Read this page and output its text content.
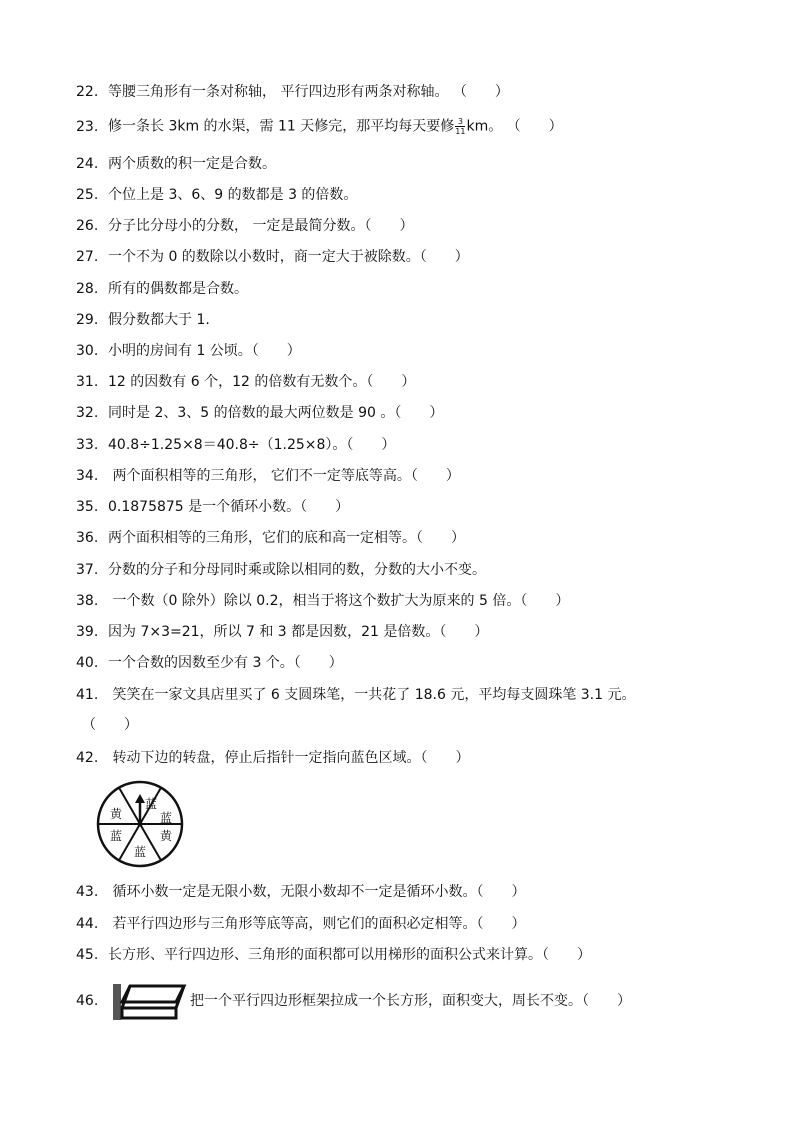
22. 等腰三角形有一条对称轴， 平行四边形有两条对称轴。 （　　）
23. 修一条长 3km 的水渠，需 11 天修完，那平均每天要修 $\frac{3}{11}$ km。 （　　）
24. 两个质数的积一定是合数。
25. 个位上是 3、6、9 的数都是 3 的倍数。
26. 分子比分母小的分数， 一定是最简分数。（　　）
27. 一个不为 0 的数除以小数时，商一定大于被除数。（　　）
28. 所有的偶数都是合数。
29. 假分数都大于 1.
30. 小明的房间有 1 公顷。（　　）
31. 12 的因数有 6 个，12 的倍数有无数个。（　　）
32. 同时是 2、3、5 的倍数的最大两位数是 90 。（　　）
33. 40.8÷1.25×8＝40.8÷（1.25×8）。（　　）
34. 两个面积相等的三角形， 它们不一定等底等高。（　　）
35. 0.1875875 是一个循环小数。（　　）
36. 两个面积相等的三角形，它们的底和高一定相等。（　　）
37. 分数的分子和分母同时乘或除以相同的数，分数的大小不变。
38. 一个数（0 除外）除以 0.2，相当于将这个数扩大为原来的 5 倍。（　　）
39. 因为 7×3=21，所以 7 和 3 都是因数，21 是倍数。（　　）
40. 一个合数的因数至少有 3 个。（　　）
41. 笑笑在一家文具店里买了 6 支圆珠笔，一共花了 18.6 元，平均每支圆珠笔 3.1 元。
（　　）
42. 转动下边的转盘，停止后指针一定指向蓝色区域。（　　）
蓝
蓝
黄
蓝
蓝
黄
43. 循环小数一定是无限小数，无限小数却不一定是循环小数。（　　）
44. 若平行四边形与三角形等底等高，则它们的面积必定相等。（　　）
45. 长方形、平行四边形、三角形的面积都可以用梯形的面积公式来计算。（　　）
46.	把一个平行四边形框架拉成一个长方形，面积变大，周长不变。（　　）
